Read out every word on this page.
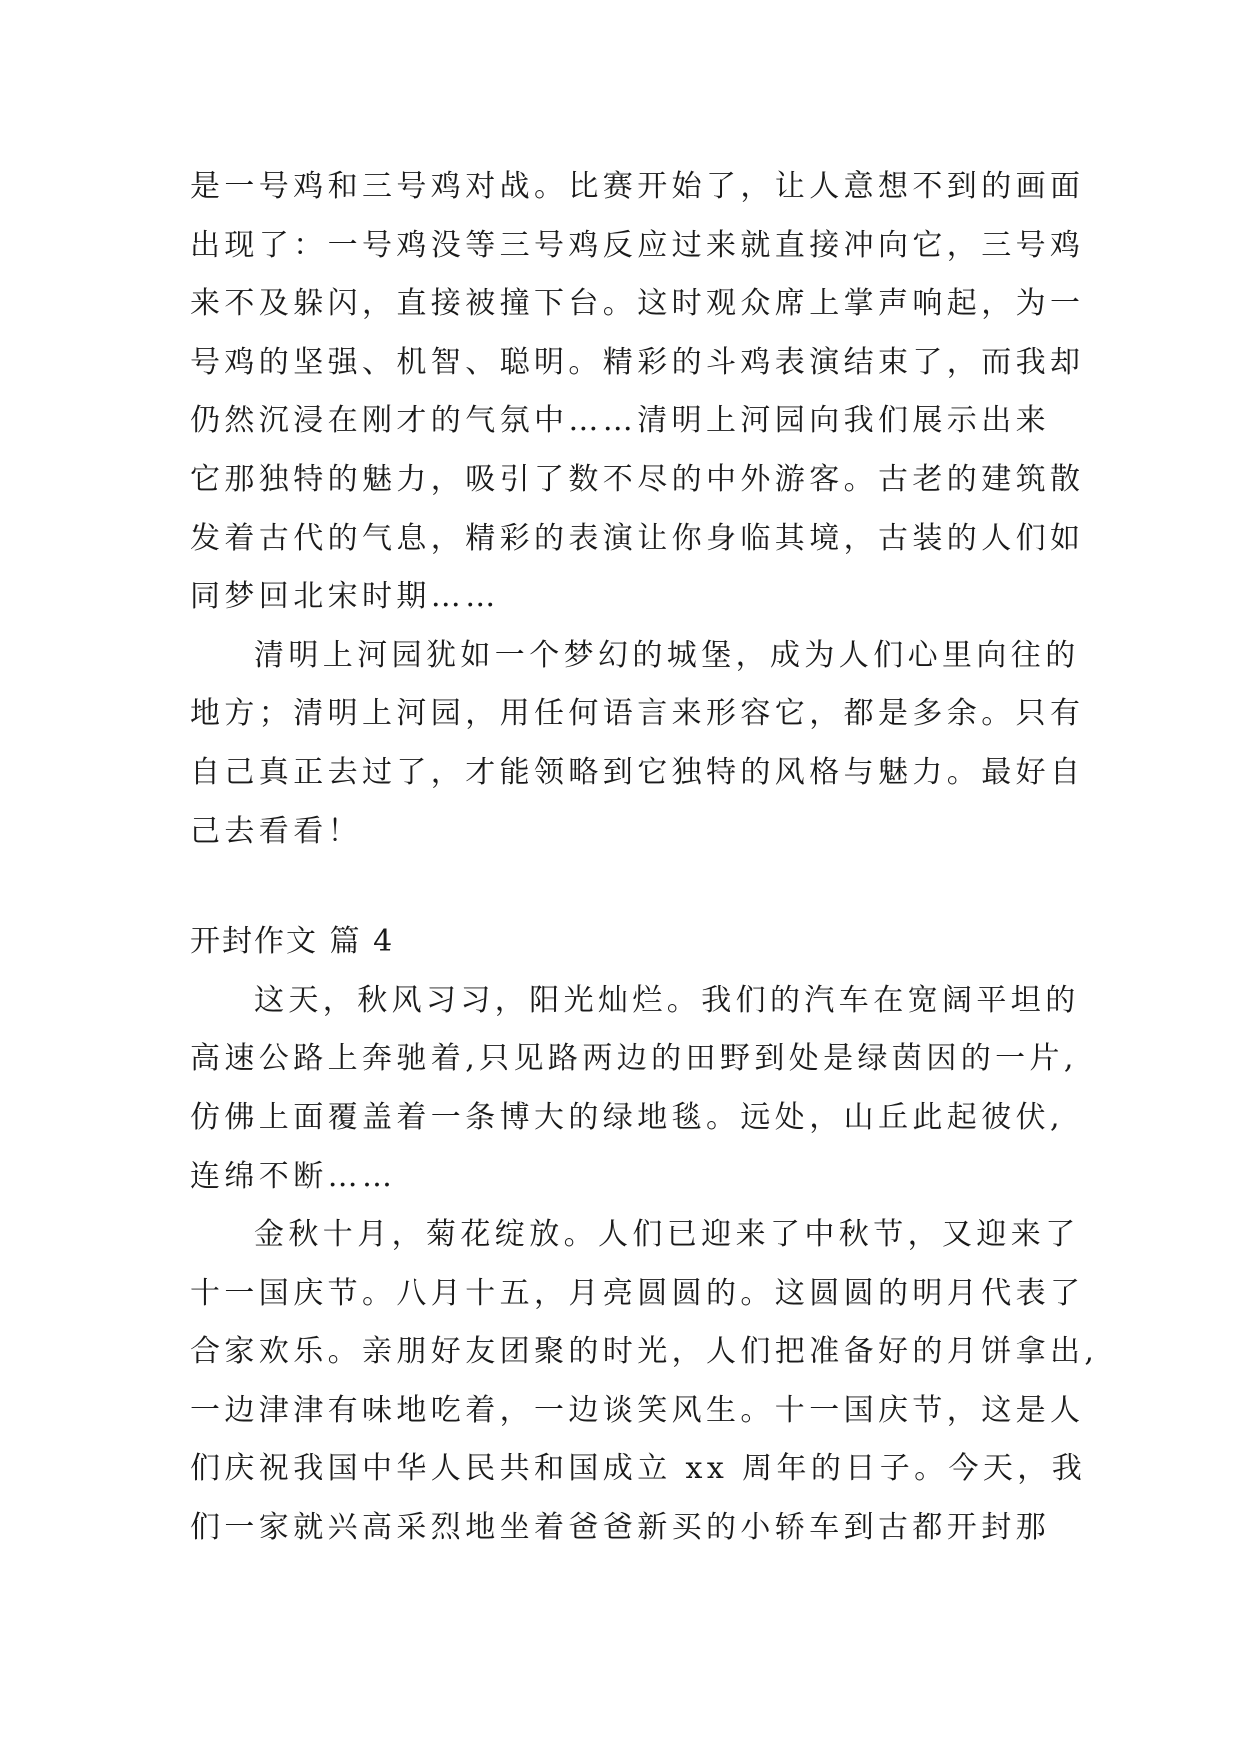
是一号鸡和三号鸡对战。比赛开始了，让人意想不到的画面
出现了：一号鸡没等三号鸡反应过来就直接冲向它，三号鸡
来不及躲闪，直接被撞下台。这时观众席上掌声响起，为一
号鸡的坚强、机智、聪明。精彩的斗鸡表演结束了，而我却
仍然沉浸在刚才的气氛中……清明上河园向我们展示出来
它那独特的魅力，吸引了数不尽的中外游客。古老的建筑散
发着古代的气息，精彩的表演让你身临其境，古装的人们如
同梦回北宋时期……
清明上河园犹如一个梦幻的城堡，成为人们心里向往的
地方；清明上河园，用任何语言来形容它，都是多余。只有
自己真正去过了，才能领略到它独特的风格与魅力。最好自
己去看看！
开封作文 篇 4
这天，秋风习习，阳光灿烂。我们的汽车在宽阔平坦的
高速公路上奔驰着,只见路两边的田野到处是绿茵因的一片,
仿佛上面覆盖着一条博大的绿地毯。远处，山丘此起彼伏,
连绵不断……
金秋十月，菊花绽放。人们已迎来了中秋节，又迎来了
十一国庆节。八月十五，月亮圆圆的。这圆圆的明月代表了
合家欢乐。亲朋好友团聚的时光，人们把准备好的月饼拿出,
一边津津有味地吃着，一边谈笑风生。十一国庆节，这是人
们庆祝我国中华人民共和国成立 xx 周年的日子。今天，我
们一家就兴高采烈地坐着爸爸新买的小轿车到古都开封那
